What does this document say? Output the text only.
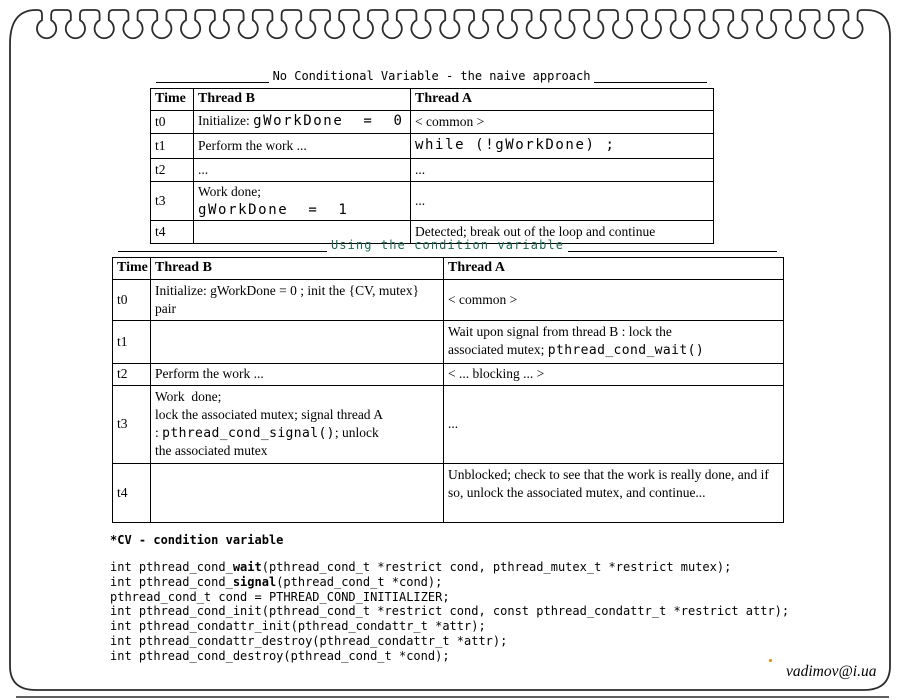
No Conditional Variable - the naive approach
Time	Thread B	Thread A
t0	Initialize: gWorkDone  =  0	< common >
t1	Perform the work ...	while (!gWorkDone) ;
t2	...	...
t3	Work done; gWorkDone  =  1	...
t4		Detected; break out of the loop and continue
Using the condition variable
Time	Thread B	Thread A
t0	Initialize: gWorkDone = 0 ; init the {CV, mutex} pair	< common >
t1		Wait upon signal from thread B : lock the
associated mutex; pthread_cond_wait()

t2	Perform the work ...	< ... blocking ... >
t3	Work  done;
lock the associated mutex; signal thread A
: pthread_cond_signal(); unlock
the associated mutex	...
t4		Unblocked; check to see that the work is really done, and if so, unlock the associated mutex, and continue...
*CV - condition variable
int pthread_cond_wait(pthread_cond_t *restrict cond, pthread_mutex_t *restrict mutex);
int pthread_cond_signal(pthread_cond_t *cond);
pthread_cond_t cond = PTHREAD_COND_INITIALIZER;
int pthread_cond_init(pthread_cond_t *restrict cond, const pthread_condattr_t *restrict attr);
int pthread_condattr_init(pthread_condattr_t *attr);
int pthread_condattr_destroy(pthread_condattr_t *attr);
int pthread_cond_destroy(pthread_cond_t *cond);
vadimov@i.ua
